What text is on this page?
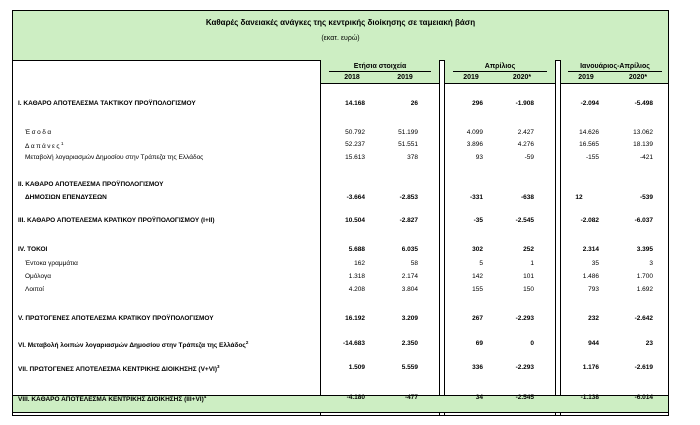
Καθαρές δανειακές ανάγκες της κεντρικής διοίκησης σε ταμειακή βάση
(εκατ. ευρώ)
Ετήσια στοιχεία	Απρίλιος	Ιανουάριος-Απρίλιος
2018	2019	2019	2020*	2019	2020*
I. ΚΑΘΑΡΟ ΑΠΟΤΕΛΕΣΜΑ ΤΑΚΤΙΚΟΥ ΠΡΟΫΠΟΛΟΓΙΣΜΟΥ	14.168	26	296	-1.908	-2.094	-5.498
Έσοδα	50.792	51.199	4.099	2.427	14.626	13.062
Δαπάνες$^1$	52.237	51.551	3.896	4.276	16.565	18.139
Μεταβολή λογαριασμών Δημοσίου στην Τράπεζα της Ελλάδος	15.613	378	93	-59	-155	-421
II. ΚΑΘΑΡΟ ΑΠΟΤΕΛΕΣΜΑ ΠΡΟΫΠΟΛΟΓΙΣΜΟΥ
ΔΗΜΟΣΙΩΝ ΕΠΕΝΔΥΣΕΩΝ	-3.664	-2.853	-331	-638	12	-539
III. ΚΑΘΑΡΟ ΑΠΟΤΕΛΕΣΜΑ ΚΡΑΤΙΚΟΥ ΠΡΟΫΠΟΛΟΓΙΣΜΟΥ (I+II)	10.504	-2.827	-35	-2.545	-2.082	-6.037
IV. ΤΟΚΟΙ	5.688	6.035	302	252	2.314	3.395
Έντοκα γραμμάτια	162	58	5	1	35	3
Ομόλογα	1.318	2.174	142	101	1.486	1.700
Λοιποί	4.208	3.804	155	150	793	1.692
V. ΠΡΩΤΟΓΕΝΕΣ ΑΠΟΤΕΛΕΣΜΑ ΚΡΑΤΙΚΟΥ ΠΡΟΫΠΟΛΟΓΙΣΜΟΥ	16.192	3.209	267	-2.293	232	-2.642
VI. Μεταβολή λοιπών λογαριασμών Δημοσίου στην Τράπεζα της Ελλάδος$^2$	-14.683	2.350	69	0	944	23
VII. ΠΡΩΤΟΓΕΝΕΣ ΑΠΟΤΕΛΕΣΜΑ ΚΕΝΤΡΙΚΗΣ ΔΙΟΙΚΗΣΗΣ $(V+VI)^3$	1.509	5.559	336	-2.293	1.176	-2.619
VIII. ΚΑΘΑΡΟ ΑΠΟΤΕΛΕΣΜΑ ΚΕΝΤΡΙΚΗΣ ΔΙΟΙΚΗΣΗΣ $(III+VI)^4$	-4.180	-477	34	-2.545	-1.138	-6.014
